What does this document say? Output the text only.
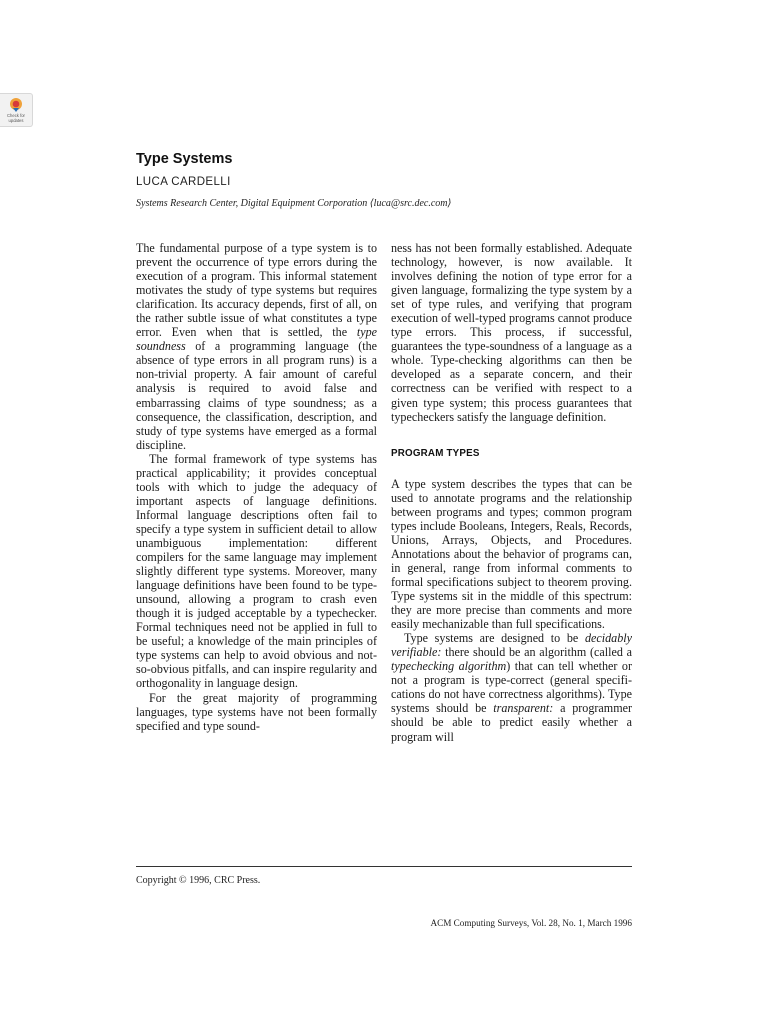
Check for
updates
Type Systems
LUCA CARDELLI
Systems Research Center, Digital Equipment Corporation ⟨luca@src.dec.com⟩

The fundamental purpose of a type system is to prevent the occurrence of type errors during the execution of a program. This informal statement motivates the study of type systems but requires clarification. Its accuracy depends, first of all, on the rather subtle issue of what constitutes a type error. Even when that is settled, the type soundness of a programming language (the absence of type errors in all program runs) is a non-trivial property. A fair amount of careful analysis is required to avoid false and embarrassing claims of type soundness; as a consequence, the classification, description, and study of type systems have emerged as a formal discipline.

The formal framework of type systems has practical applicability; it provides conceptual tools with which to judge the adequacy of important aspects of language definitions. Informal language descriptions often fail to specify a type system in sufficient detail to allow unambiguous implementation: different compilers for the same language may implement slightly different type systems. Moreover, many language definitions have been found to be type-unsound, allowing a program to crash even though it is judged acceptable by a typechecker. Formal techniques need not be applied in full to be useful; a knowledge of the main principles of type systems can help to avoid obvious and not-so-obvious pitfalls, and can inspire regularity and orthogonality in language design.

For the great majority of programming languages, type systems have not been formally specified and type sound-

ness has not been formally established. Adequate technology, however, is now available. It involves defining the notion of type error for a given language, formalizing the type system by a set of type rules, and verifying that program execution of well-typed programs cannot produce type errors. This process, if successful, guarantees the type-soundness of a language as a whole. Type-checking algorithms can then be developed as a separate concern, and their correctness can be verified with respect to a given type system; this process guarantees that typecheckers satisfy the language definition.

PROGRAM TYPES

A type system describes the types that can be used to annotate programs and the relationship between programs and types; common program types include Booleans, Integers, Reals, Records, Unions, Arrays, Objects, and Procedures. Annotations about the behavior of programs can, in general, range from informal comments to formal specifications subject to theorem proving. Type systems sit in the middle of this spectrum: they are more precise than comments and more easily mechanizable than full specifications.

Type systems are designed to be decidably verifiable: there should be an algorithm (called a typechecking algorithm) that can tell whether or not a program is type-correct (general specifications do not have correctness algorithms). Type systems should be transparent: a programmer should be able to predict easily whether a program will

Copyright © 1996, CRC Press.
ACM Computing Surveys, Vol. 28, No. 1, March 1996
